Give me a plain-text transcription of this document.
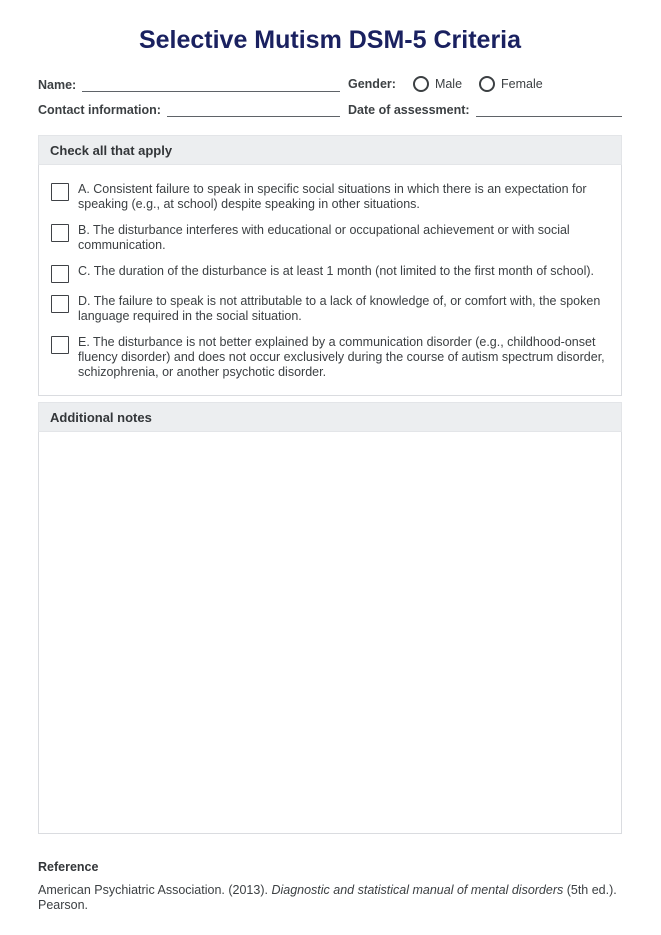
Selective Mutism DSM-5 Criteria
Name:	Gender:	Male	Female
Contact information:	Date of assessment:
Check all that apply

A. Consistent failure to speak in specific social situations in which there is an expectation for speaking (e.g., at school) despite speaking in other situations.

B. The disturbance interferes with educational or occupational achievement or with social communication.

C. The duration of the disturbance is at least 1 month (not limited to the first month of school).

D. The failure to speak is not attributable to a lack of knowledge of, or comfort with, the spoken language required in the social situation.

E. The disturbance is not better explained by a communication disorder (e.g., childhood-onset fluency disorder) and does not occur exclusively during the course of autism spectrum disorder, schizophrenia, or another psychotic disorder.

Additional notes
Reference

American Psychiatric Association. (2013). Diagnostic and statistical manual of mental disorders (5th ed.). Pearson.
